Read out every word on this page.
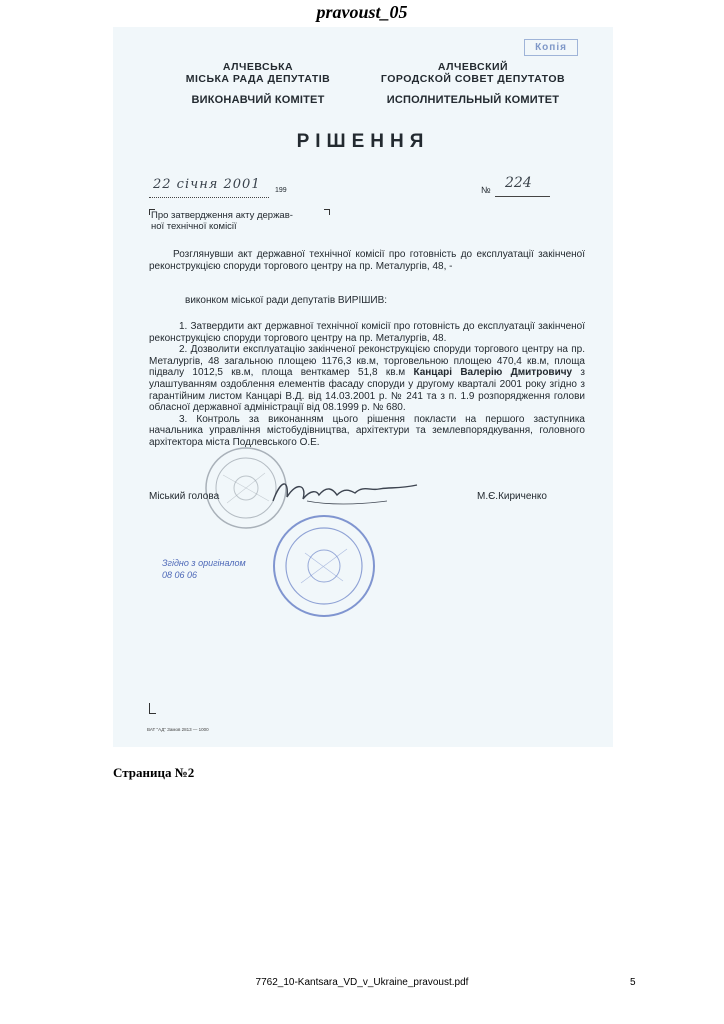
pravoust_05
Копія
АЛЧЕВСЬКА
МІСЬКА РАДА ДЕПУТАТІВ
ВИКОНАВЧИЙ КОМІТЕТ
АЛЧЕВСКИЙ
ГОРОДСКОЙ СОВЕТ ДЕПУТАТОВ
ИСПОЛНИТЕЛЬНЫЙ КОМИТЕТ
РІШЕННЯ
22 січня 2001 199	№ 224
Про затвердження акту держав-
ної технічної комісії
Розглянувши акт державної технічної комісії про готовність до експлуатації закінченої реконструкцією споруди торгового центру на пр. Металургів, 48, -
виконком міської ради депутатів ВИРІШИВ:

1. Затвердити акт державної технічної комісії про готовність до експлуатації закінченої реконструкцією споруди торгового центру на пр. Металургів, 48.

2. Дозволити експлуатацію закінченої реконструкцією споруди торгового центру на пр. Металургів, 48 загальною площею 1176,3 кв.м, торговельною площею 470,4 кв.м, площа підвалу 1012,5 кв.м, площа венткамер 51,8 кв.м Канцарі Валерію Дмитровичу з улаштуванням оздоблення елементів фасаду споруди у другому кварталі 2001 року згідно з гарантійним листом Канцарі В.Д. від 14.03.2001 р. № 241 та з п. 1.9 розпорядження голови обласної державної адміністрації від 08.1999 р. № 680.

3. Контроль за виконанням цього рішення покласти на першого заступника начальника управління містобудівництва, архітектури та землевпорядкування, головного архітектора міста Подлевського О.Е.

Згідно з оригіналом
08 06 06
Міський голова	М.Є.Кириченко
ВАТ "АД" Замов 2813 — 1000
Страница №2
7762_10-Kantsara_VD_v_Ukraine_pravoust.pdf	5
